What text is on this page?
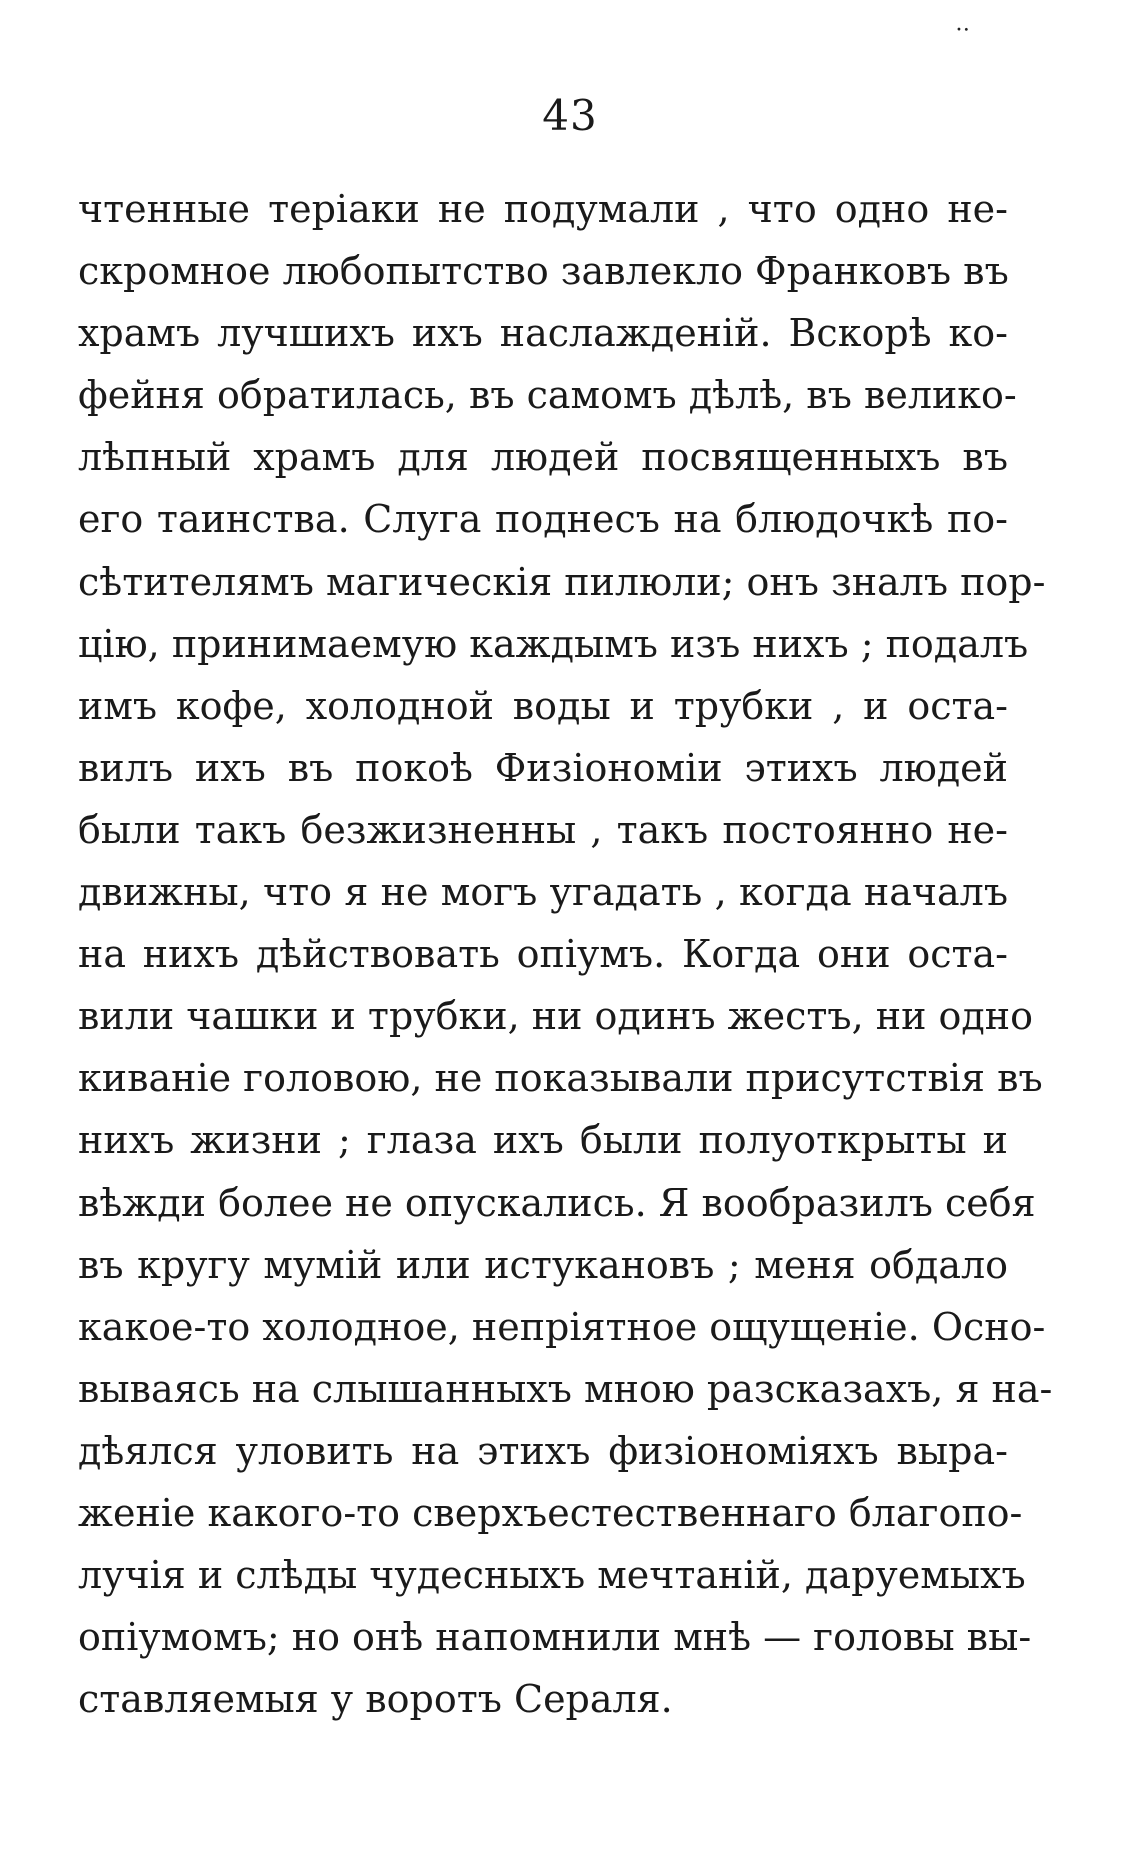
·⋅
43
чтенные теріаки не подумали , что одно не-
скромное любопытство завлекло Франковъ въ
храмъ лучшихъ ихъ наслажденій. Вскорѣ ко-
фейня обратилась, въ самомъ дѣлѣ, въ велико-
лѣпный храмъ для людей посвященныхъ въ
его таинства. Слуга поднесъ на блюдочкѣ по-
сѣтителямъ магическія пилюли; онъ зналъ пор-
цію, принимаемую каждымъ изъ нихъ ; подалъ
имъ кофе, холодной воды и трубки , и оста-
вилъ ихъ въ покоѣ Физіономіи этихъ людей
были такъ безжизненны , такъ постоянно не-
движны, что я не могъ угадать , когда началъ
на нихъ дѣйствовать опіумъ. Когда они оста-
вили чашки и трубки, ни одинъ жестъ, ни одно
киваніе головою, не показывали присутствія въ
нихъ жизни ; глаза ихъ были полуоткрыты и
вѣжди более не опускались. Я вообразилъ себя
въ кругу мумій или истукановъ ; меня обдало
какое-то холодное, непріятное ощущеніе. Осно-
вываясь на слышанныхъ мною разсказахъ, я на-
дѣялся уловить на этихъ физіономіяхъ выра-
женіе какого-то сверхъестественнаго благопо-
лучія и слѣды чудесныхъ мечтаній, даруемыхъ
опіумомъ; но онѣ напомнили мнѣ — головы вы-
ставляемыя у воротъ Сераля.
